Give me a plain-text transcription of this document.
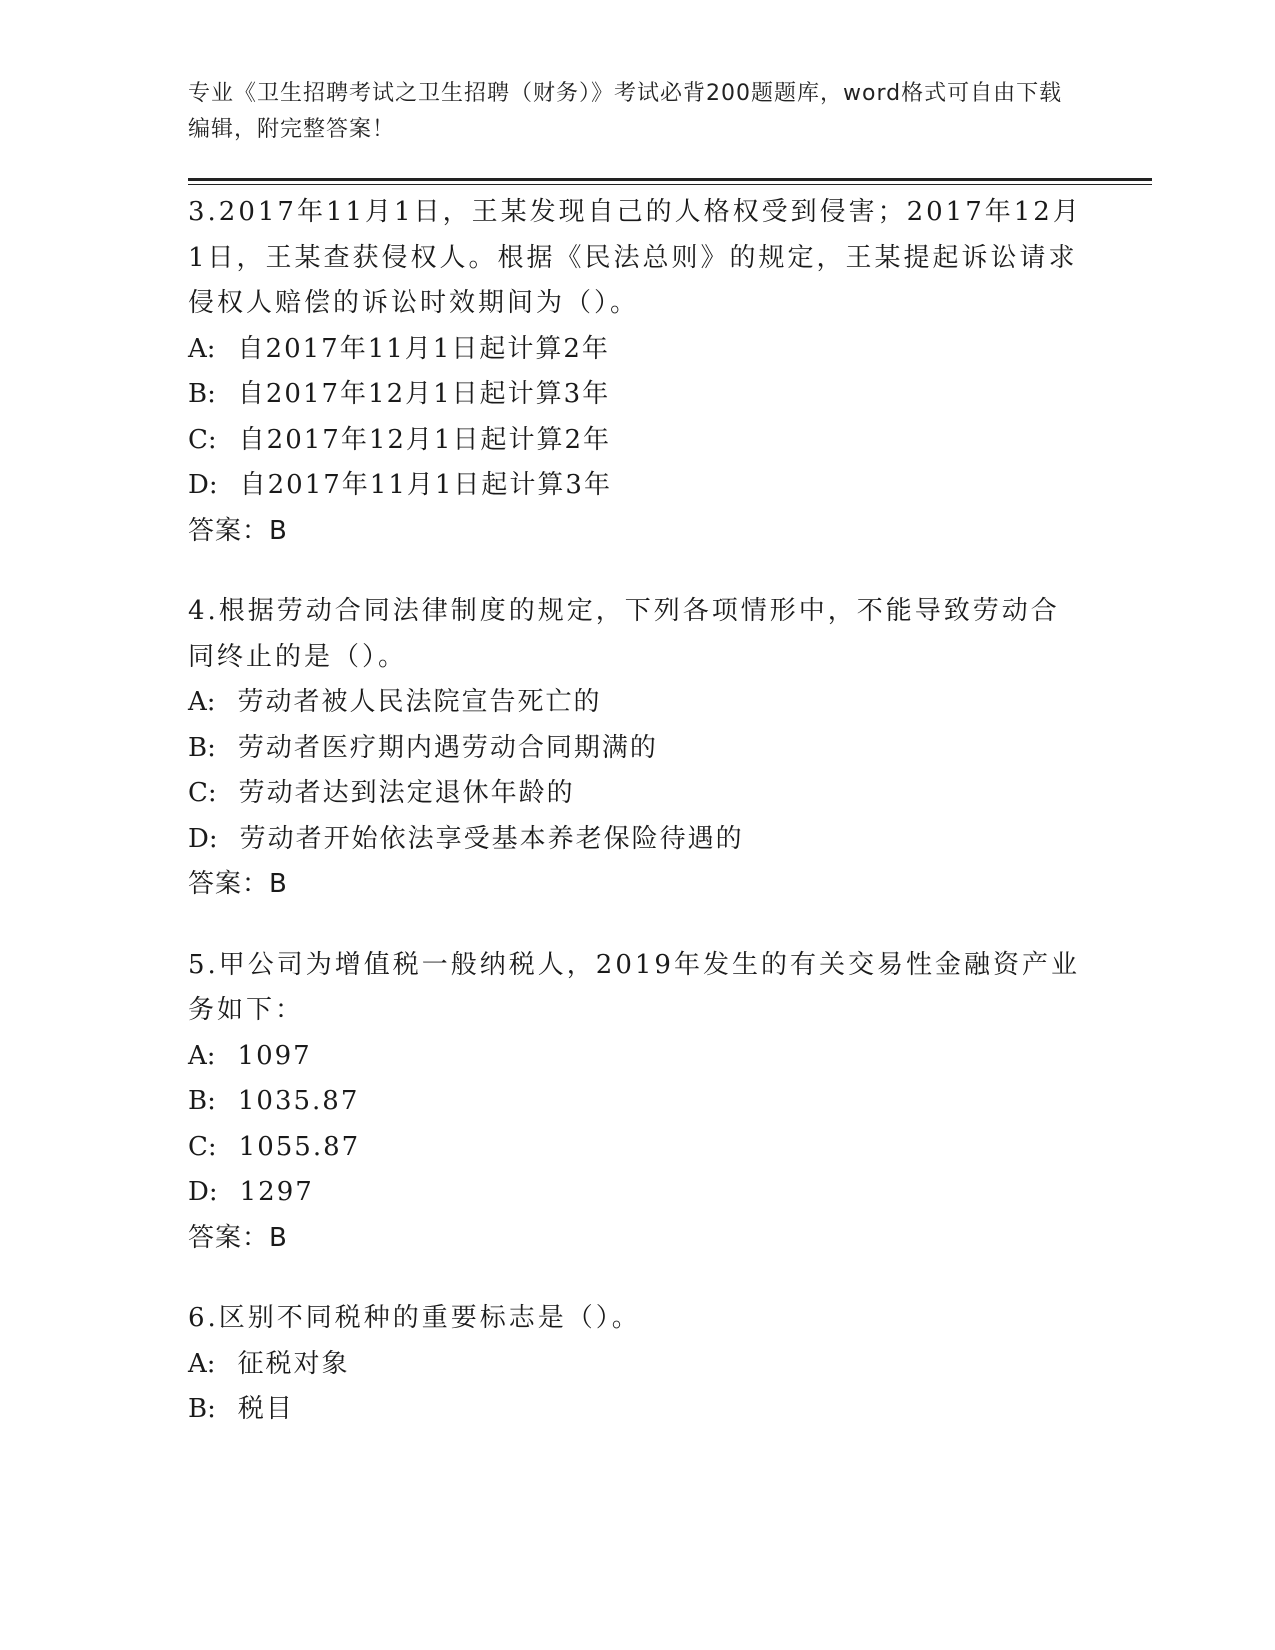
专业《卫生招聘考试之卫生招聘（财务）》考试必背200题题库，word格式可自由下载编辑，附完整答案！
3.2017年11月1日，王某发现自己的人格权受到侵害；2017年12月1日，王某查获侵权人。根据《民法总则》的规定，王某提起诉讼请求侵权人赔偿的诉讼时效期间为（）。
A: 自2017年11月1日起计算2年
B: 自2017年12月1日起计算3年
C: 自2017年12月1日起计算2年
D: 自2017年11月1日起计算3年
答案：B
4.根据劳动合同法律制度的规定，下列各项情形中，不能导致劳动合同终止的是（）。
A: 劳动者被人民法院宣告死亡的
B: 劳动者医疗期内遇劳动合同期满的
C: 劳动者达到法定退休年龄的
D: 劳动者开始依法享受基本养老保险待遇的
答案：B
5.甲公司为增值税一般纳税人，2019年发生的有关交易性金融资产业务如下：
A: 1097
B: 1035.87
C: 1055.87
D: 1297
答案：B
6.区别不同税种的重要标志是（）。
A: 征税对象
B: 税目
